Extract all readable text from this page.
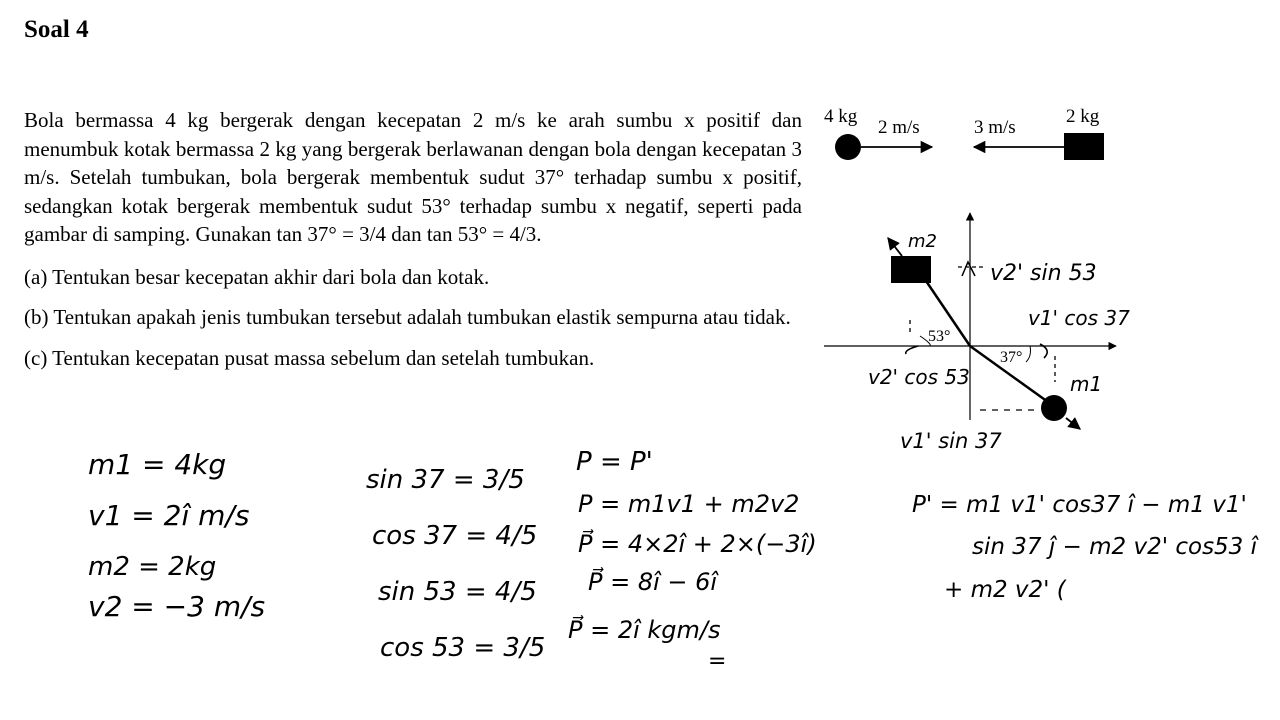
Soal 4

Bola bermassa 4 kg bergerak dengan kecepatan 2 m/s ke arah sumbu x positif dan menumbuk kotak bermassa 2 kg yang bergerak berlawanan dengan bola dengan kecepatan 3 m/s. Setelah tumbukan, bola bergerak membentuk sudut 37° terhadap sumbu x positif, sedangkan kotak bergerak membentuk sudut 53° terhadap sumbu x negatif, seperti pada gambar di samping. Gunakan tan 37° = 3/4 dan tan 53° = 4/3.

(a) Tentukan besar kecepatan akhir dari bola dan kotak.

(b) Tentukan apakah jenis tumbukan tersebut adalah tumbukan elastik sempurna atau tidak.

(c) Tentukan kecepatan pusat massa sebelum dan setelah tumbukan.

4 kg
2 m/s	3 m/s
2 kg
53°
37°
m2
v2' sin 53
v1' cos 37
v2' cos 53	m1
v1' sin 37
m1 = 4kg
v1 = 2î m/s
m2 = 2kg
v2 = −3 m/s
sin 37 = 3/5
cos 37 = 4/5
sin 53 = 4/5
cos 53 = 3/5
P = P'
P = m1v1 + m2v2
P⃗ = 4×2î + 2×(−3î)
P⃗ = 8î − 6î
P⃗ = 2î kgm/s
=
P' = m1 v1' cos37 î − m1 v1'
sin 37 ĵ − m2 v2' cos53 î
+ m2 v2' (
